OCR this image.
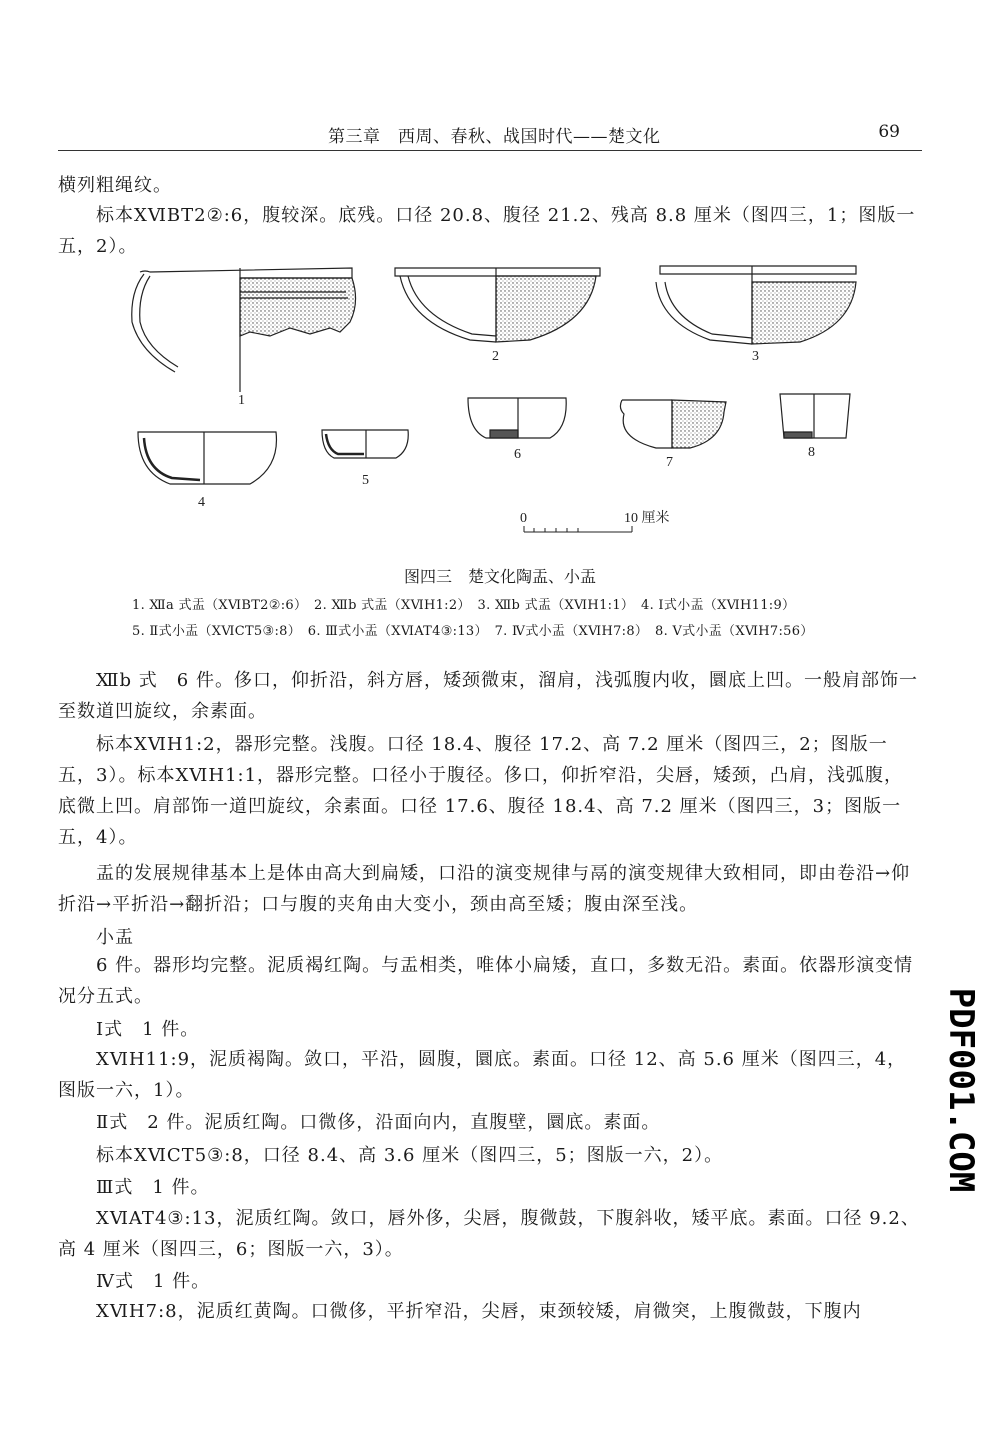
第三章　西周、春秋、战国时代——楚文化	69

横列粗绳纹。

标本ⅩⅥBT2②:6，腹较深。底残。口径 20.8、腹径 21.2、残高 8.8 厘米（图四三，1；图版一五，2）。

1
2	3
4
5
6
7
8
0	10 厘米
图四三　楚文化陶盂、小盂
1. Ⅻa 式盂（ⅩⅥBT2②:6）　2. Ⅻb 式盂（ⅩⅥH1:2）　3. Ⅻb 式盂（ⅩⅥH1:1）　4. Ⅰ式小盂（ⅩⅥH11:9）
5. Ⅱ式小盂（ⅩⅥCT5③:8）　6. Ⅲ式小盂（ⅩⅥAT4③:13）　7. Ⅳ式小盂（ⅩⅥH7:8）　8. Ⅴ式小盂（ⅩⅥH7:56）

Ⅻb 式　6 件。侈口，仰折沿，斜方唇，矮颈微束，溜肩，浅弧腹内收，圜底上凹。一般肩部饰一至数道凹旋纹，余素面。

标本ⅩⅥH1:2，器形完整。浅腹。口径 18.4、腹径 17.2、高 7.2 厘米（图四三，2；图版一五，3）。标本ⅩⅥH1:1，器形完整。口径小于腹径。侈口，仰折窄沿，尖唇，矮颈，凸肩，浅弧腹，底微上凹。肩部饰一道凹旋纹，余素面。口径 17.6、腹径 18.4、高 7.2 厘米（图四三，3；图版一五，4）。

盂的发展规律基本上是体由高大到扁矮，口沿的演变规律与鬲的演变规律大致相同，即由卷沿→仰折沿→平折沿→翻折沿；口与腹的夹角由大变小，颈由高至矮；腹由深至浅。

小盂

6 件。器形均完整。泥质褐红陶。与盂相类，唯体小扁矮，直口，多数无沿。素面。依器形演变情况分五式。

Ⅰ式　1 件。

ⅩⅥH11:9，泥质褐陶。敛口，平沿，圆腹，圜底。素面。口径 12、高 5.6 厘米（图四三，4，图版一六，1）。

Ⅱ式　2 件。泥质红陶。口微侈，沿面向内，直腹壁，圜底。素面。

标本ⅩⅥCT5③:8，口径 8.4、高 3.6 厘米（图四三，5；图版一六，2）。

Ⅲ式　1 件。

ⅩⅥAT4③:13，泥质红陶。敛口，唇外侈，尖唇，腹微鼓，下腹斜收，矮平底。素面。口径 9.2、高 4 厘米（图四三，6；图版一六，3）。

Ⅳ式　1 件。

ⅩⅥH7:8，泥质红黄陶。口微侈，平折窄沿，尖唇，束颈较矮，肩微突，上腹微鼓，下腹内

PDF001.COM
